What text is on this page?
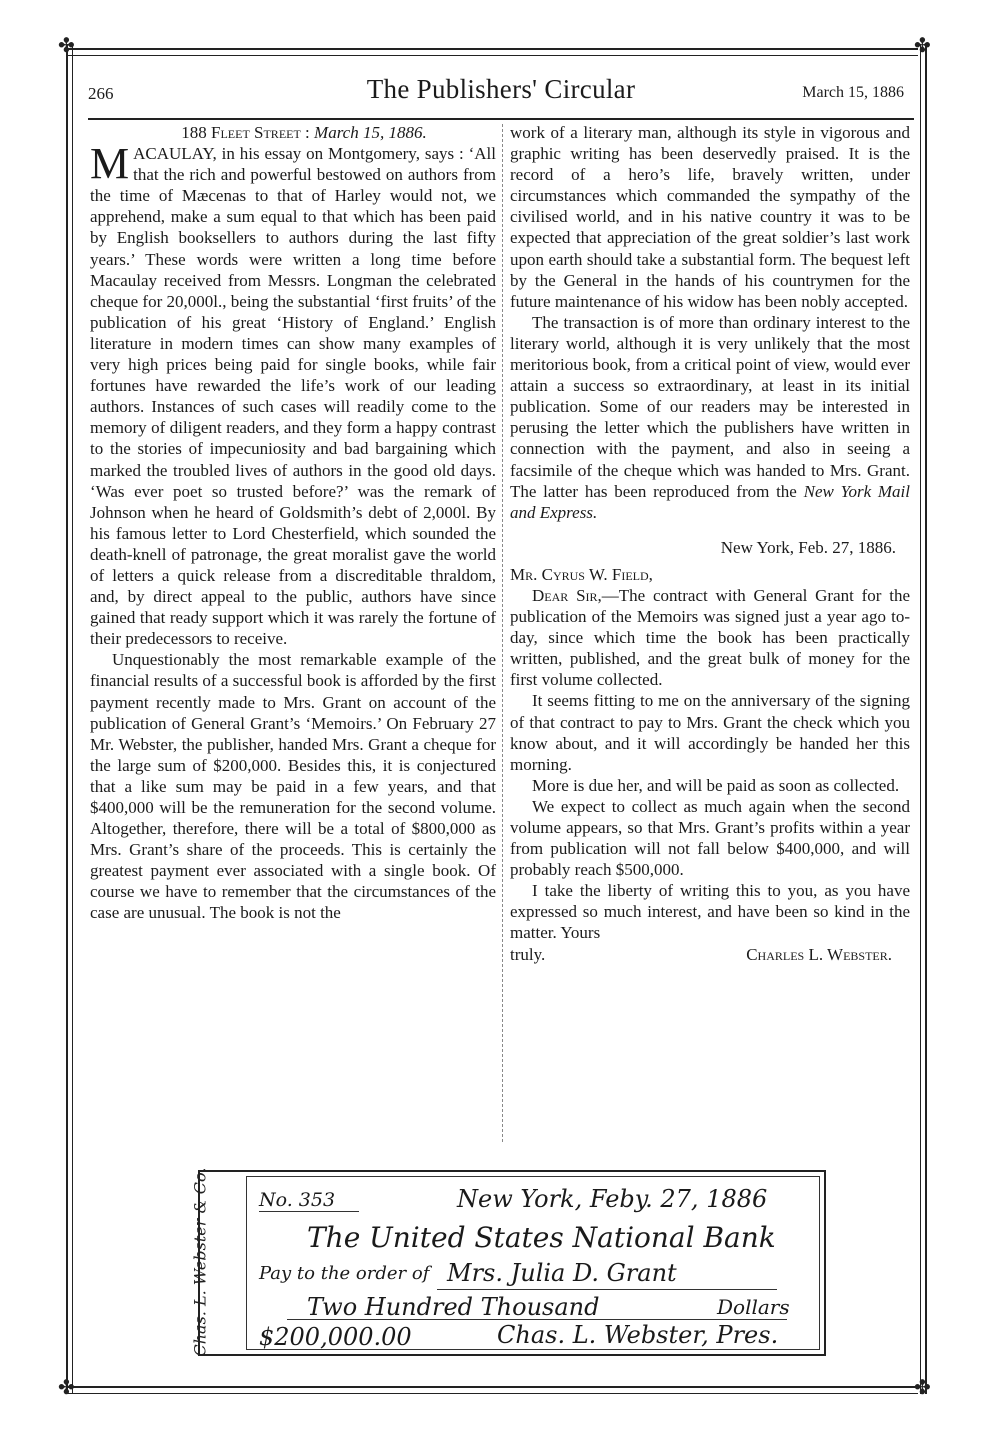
✤	✤
✤	✤
266	The Publishers' Circular	March 15, 1886

188 Fleet Street : March 15, 1886.

MACAULAY, in his essay on Montgomery, says : ‘All that the rich and powerful bestowed on authors from the time of Mæcenas to that of Harley would not, we apprehend, make a sum equal to that which has been paid by English booksellers to authors during the last fifty years.’ These words were written a long time before Macaulay received from Messrs. Longman the celebrated cheque for 20,000l., being the substantial ‘first fruits’ of the publication of his great ‘History of England.’ English literature in modern times can show many examples of very high prices being paid for single books, while fair fortunes have rewarded the life’s work of our leading authors. Instances of such cases will readily come to the memory of diligent readers, and they form a happy contrast to the stories of impecuniosity and bad bargaining which marked the troubled lives of authors in the good old days. ‘Was ever poet so trusted before?’ was the remark of Johnson when he heard of Goldsmith’s debt of 2,000l. By his famous letter to Lord Chesterfield, which sounded the death-knell of patronage, the great moralist gave the world of letters a quick release from a discreditable thraldom, and, by direct appeal to the public, authors have since gained that ready support which it was rarely the fortune of their predecessors to receive.

Unquestionably the most remarkable example of the financial results of a successful book is afforded by the first payment recently made to Mrs. Grant on account of the publication of General Grant’s ‘Memoirs.’ On February 27 Mr. Webster, the publisher, handed Mrs. Grant a cheque for the large sum of $200,000. Besides this, it is conjectured that a like sum may be paid in a few years, and that $400,000 will be the remuneration for the second volume. Altogether, therefore, there will be a total of $800,000 as Mrs. Grant’s share of the proceeds. This is certainly the greatest payment ever associated with a single book. Of course we have to remember that the circumstances of the case are unusual. The book is not the

work of a literary man, although its style in vigorous and graphic writing has been deservedly praised. It is the record of a hero’s life, bravely written, under circumstances which commanded the sympathy of the civilised world, and in his native country it was to be expected that appreciation of the great soldier’s last work upon earth should take a substantial form. The bequest left by the General in the hands of his countrymen for the future maintenance of his widow has been nobly accepted.

The transaction is of more than ordinary interest to the literary world, although it is very unlikely that the most meritorious book, from a critical point of view, would ever attain a success so extraordinary, at least in its initial publication. Some of our readers may be interested in perusing the letter which the publishers have written in connection with the payment, and also in seeing a facsimile of the cheque which was handed to Mrs. Grant. The latter has been reproduced from the New York Mail and Express.

New York, Feb. 27, 1886.

Mr. Cyrus W. Field,

Dear Sir,—The contract with General Grant for the publication of the Memoirs was signed just a year ago to-day, since which time the book has been practically written, published, and the great bulk of money for the first volume collected.

It seems fitting to me on the anniversary of the signing of that contract to pay to Mrs. Grant the check which you know about, and it will accordingly be handed her this morning.

More is due her, and will be paid as soon as collected.

We expect to collect as much again when the second volume appears, so that Mrs. Grant’s profits within a year from publication will not fall below $400,000, and will probably reach $500,000.

I take the liberty of writing this to you, as you have expressed so much interest, and have been so kind in the matter. Yours

truly.	Charles L. Webster.
Chas. L. Webster & Co.	No. 353	New York, Feby. 27, 1886
The United States National Bank
Pay to the order of Mrs. Julia D. Grant
Two Hundred Thousand	Dollars
$200,000.00	Chas. L. Webster, Pres.
